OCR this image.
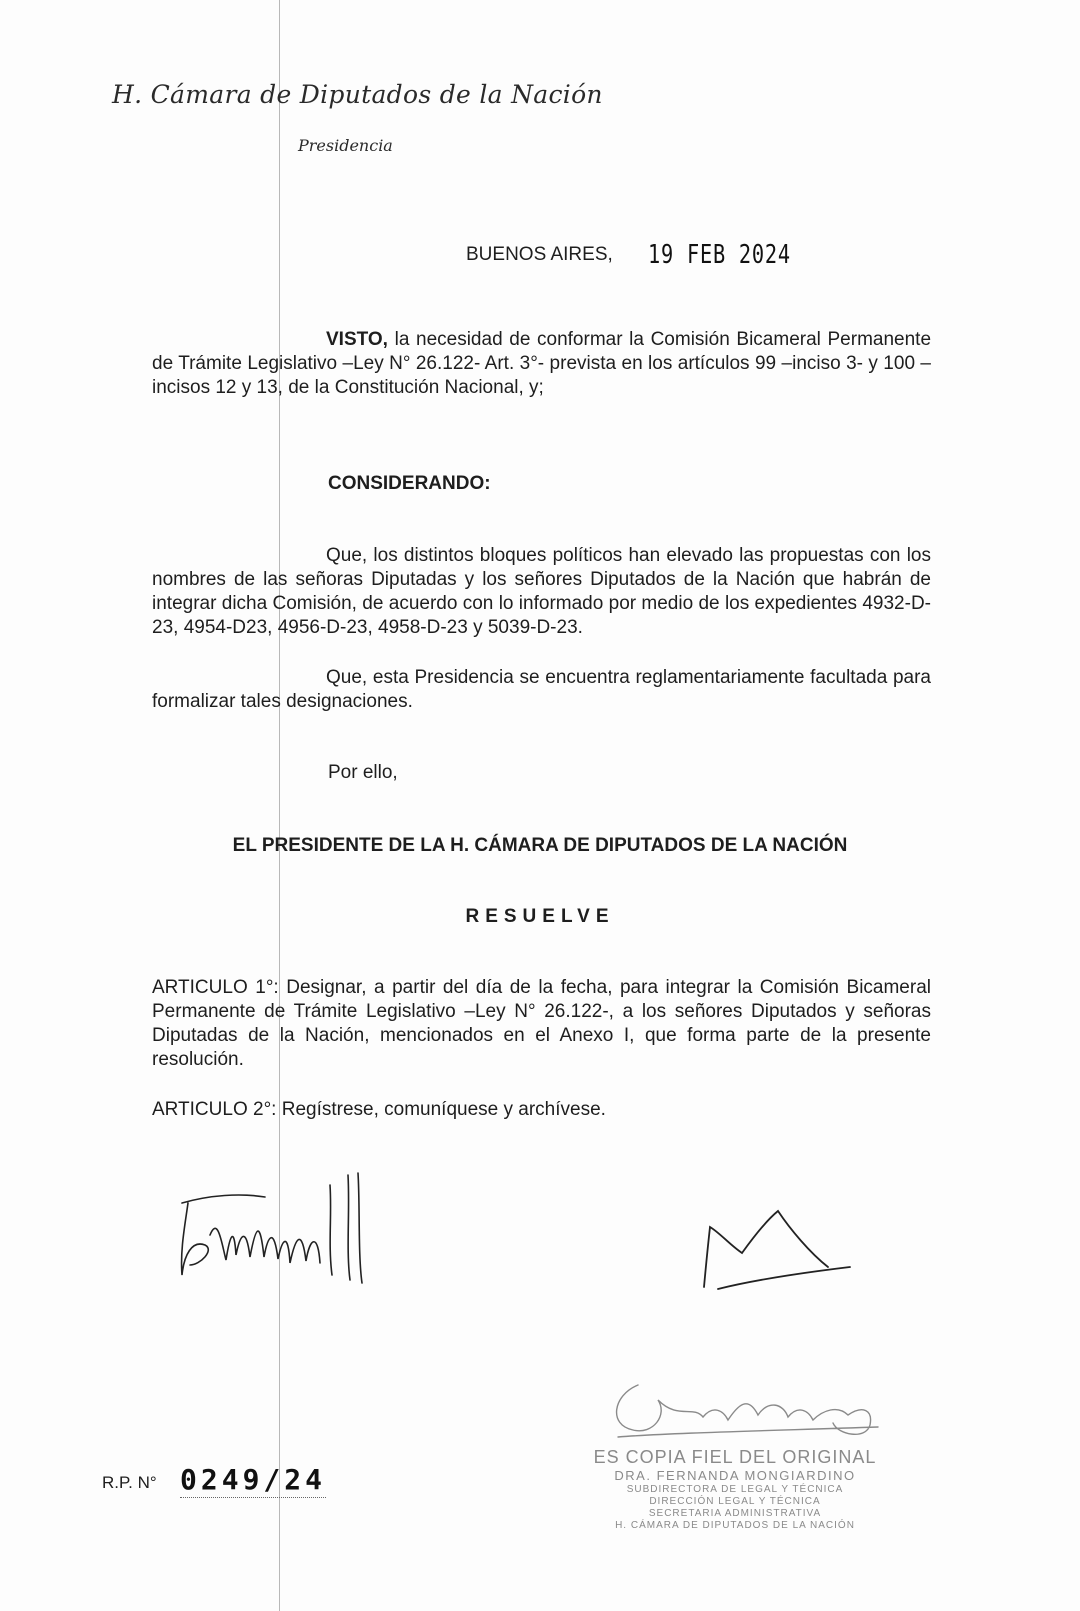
H. Cámara de Diputados de la Nación
Presidencia
BUENOS AIRES, 19 FEB 2024

VISTO, la necesidad de conformar la Comisión Bicameral Permanente de Trámite Legislativo –Ley N° 26.122- Art. 3°- prevista en los artículos 99 –inciso 3- y 100 –incisos 12 y 13, de la Constitución Nacional, y;

CONSIDERANDO:

Que, los distintos bloques políticos han elevado las propuestas con los nombres de las señoras Diputadas y los señores Diputados de la Nación que habrán de integrar dicha Comisión, de acuerdo con lo informado por medio de los expedientes 4932-D-23, 4954-D23, 4956-D-23, 4958-D-23 y 5039-D-23.

Que, esta Presidencia se encuentra reglamentariamente facultada para formalizar tales designaciones.

Por ello,
EL PRESIDENTE DE LA H. CÁMARA DE DIPUTADOS DE LA NACIÓN
RESUELVE

ARTICULO 1°: Designar, a partir del día de la fecha, para integrar la Comisión Bicameral Permanente de Trámite Legislativo –Ley N° 26.122-, a los señores Diputados y señoras Diputadas de la Nación, mencionados en el Anexo I, que forma parte de la presente resolución.

ARTICULO 2°: Regístrese, comuníquese y archívese.

ES COPIA FIEL DEL ORIGINAL
DRA. FERNANDA MONGIARDINO
SUBDIRECTORA DE LEGAL Y TÉCNICA
DIRECCIÓN LEGAL Y TÉCNICA
SECRETARIA ADMINISTRATIVA
H. CÁMARA DE DIPUTADOS DE LA NACIÓN
R.P. N° 0249/24
